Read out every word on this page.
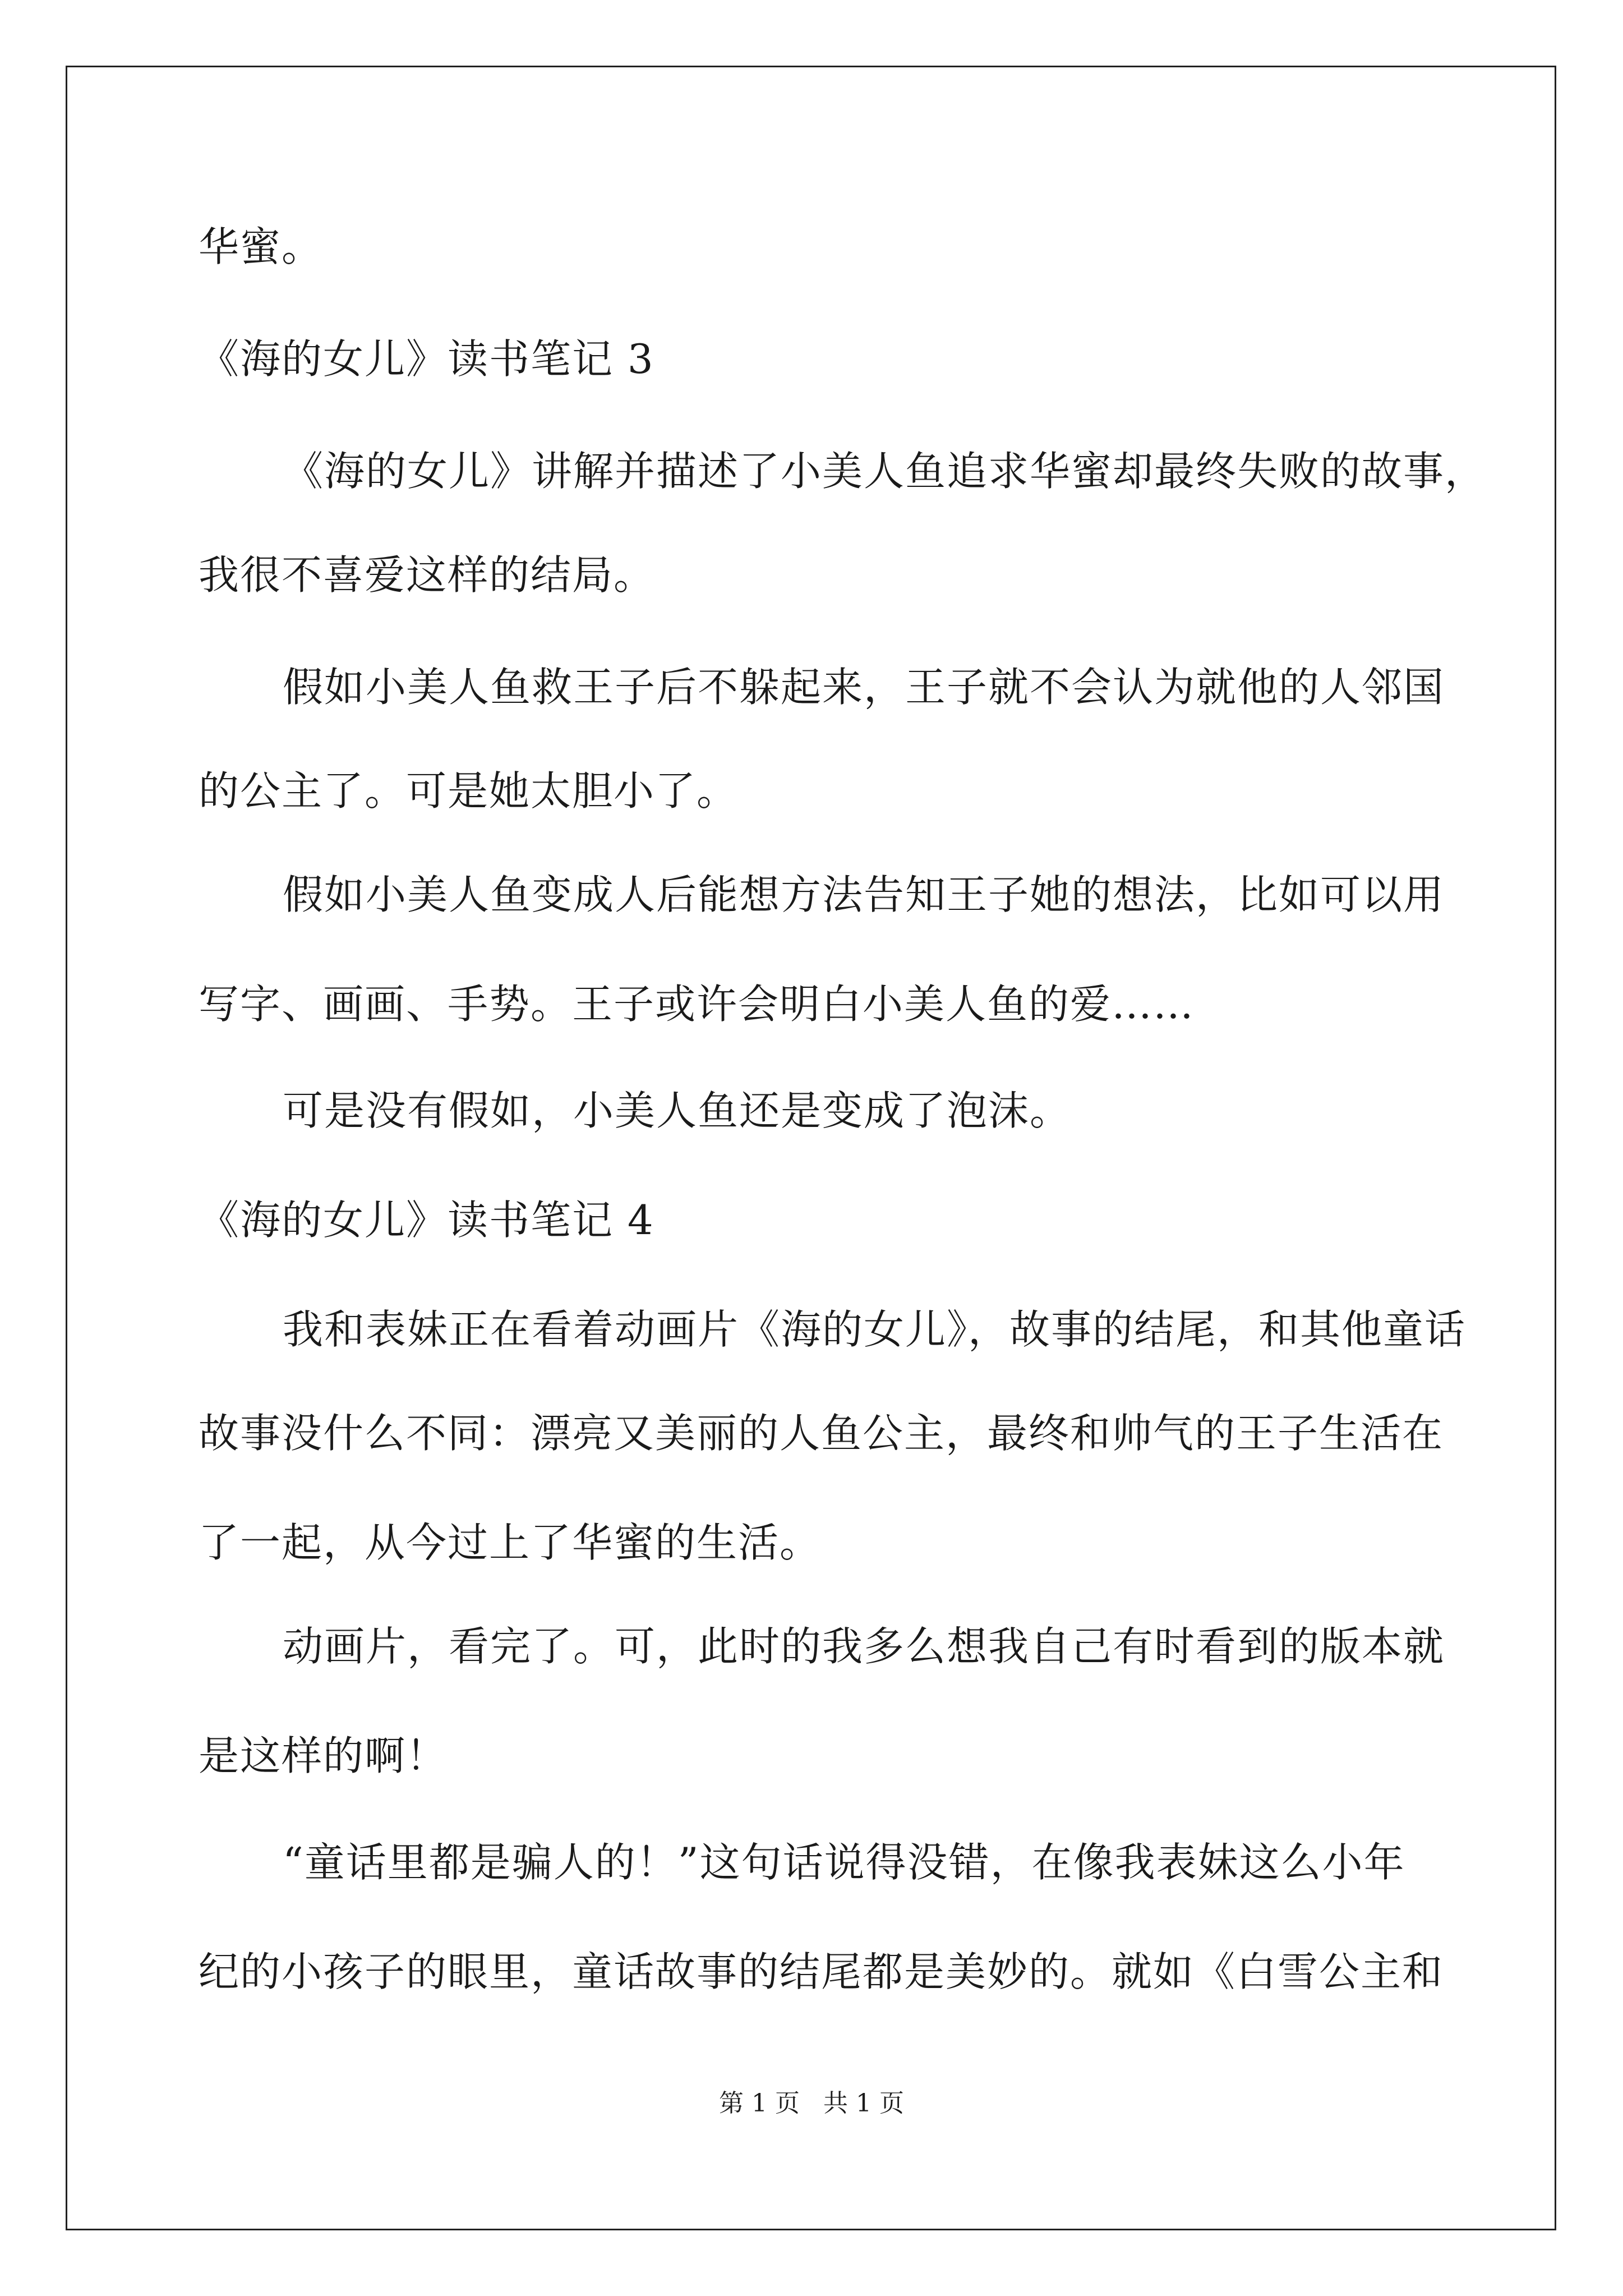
华蜜。
《海的女儿》读书笔记 3
《海的女儿》讲解并描述了小美人鱼追求华蜜却最终失败的故事，
我很不喜爱这样的结局。
假如小美人鱼救王子后不躲起来，王子就不会认为就他的人邻国
的公主了。可是她太胆小了。
假如小美人鱼变成人后能想方法告知王子她的想法，比如可以用
写字、画画、手势。王子或许会明白小美人鱼的爱……
可是没有假如，小美人鱼还是变成了泡沫。
《海的女儿》读书笔记 4
我和表妹正在看着动画片《海的女儿》，故事的结尾，和其他童话
故事没什么不同：漂亮又美丽的人鱼公主，最终和帅气的王子生活在
了一起，从今过上了华蜜的生活。
动画片，看完了。可，此时的我多么想我自己有时看到的版本就
是这样的啊！
“童话里都是骗人的！”这句话说得没错，在像我表妹这么小年
纪的小孩子的眼里，童话故事的结尾都是美妙的。就如《白雪公主和
第 1 页   共 1 页
